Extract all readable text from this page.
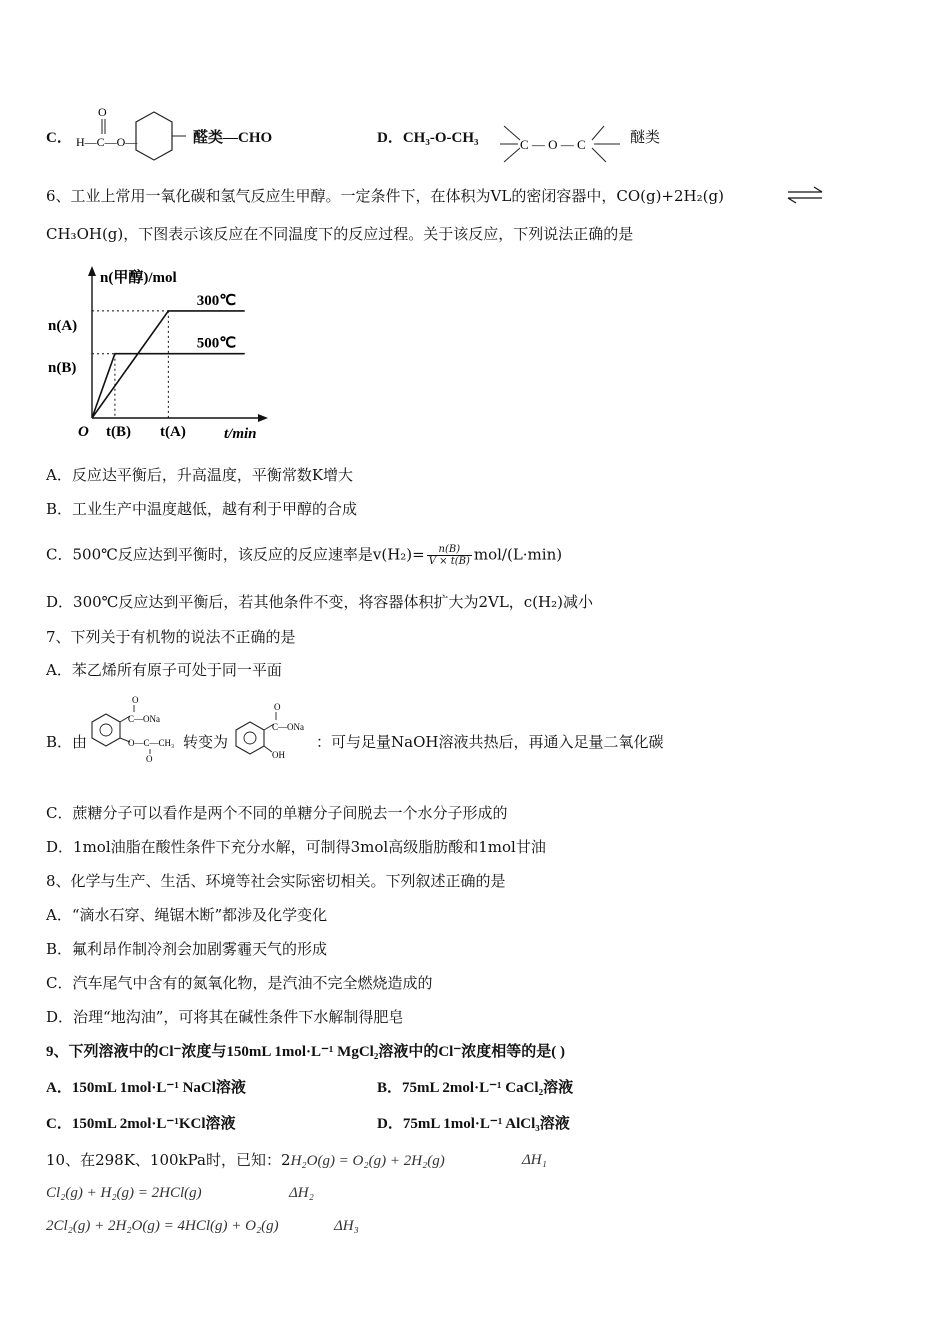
C． H—C—O—
O
醛类—CHO	D．CH₃-O-CH₃	C — O — C	醚类
6、工业上常用一氧化碳和氢气反应生甲醇。一定条件下，在体积为VL的密闭容器中，CO(g)+2H₂(g)
CH₃OH(g)，下图表示该反应在不同温度下的反应过程。关于该反应，下列说法正确的是
n(甲醇)/mol
t/min
O
n(A)
n(B)
t(B) t(A)
300℃
500℃
A．反应达平衡后，升高温度，平衡常数K增大
B．工业生产中温度越低，越有利于甲醇的合成
C．500℃反应达到平衡时，该反应的反应速率是$v(H_2)= \frac{n(B)}{V \times t(B)} mol/(L\cdot\min)$
D．300℃反应达到平衡后，若其他条件不变，将容器体积扩大为2VL，c(H₂)减小
7、下列关于有机物的说法不正确的是
A．苯乙烯所有原子可处于同一平面
B．由
O
C—ONa
O—C—CH₃
O
转变为
O
C—ONa
OH
：可与足量NaOH溶液共热后，再通入足量二氧化碳
C．蔗糖分子可以看作是两个不同的单糖分子间脱去一个水分子形成的
D．1mol油脂在酸性条件下充分水解，可制得3mol高级脂肪酸和1mol甘油
8、化学与生产、生活、环境等社会实际密切相关。下列叙述正确的是
A．“滴水石穿、绳锯木断”都涉及化学变化
B．氟利昂作制冷剂会加剧雾霾天气的形成
C．汽车尾气中含有的氮氧化物，是汽油不完全燃烧造成的
D．治理“地沟油”，可将其在碱性条件下水解制得肥皂
9、下列溶液中的Cl⁻浓度与150mL 1mol·L⁻¹ MgCl₂溶液中的Cl⁻浓度相等的是( )
A．150mL 1mol·L⁻¹ NaCl溶液	B．75mL 2mol·L⁻¹ CaCl₂溶液
C．150mL 2mol·L⁻¹KCl溶液	D．75mL 1mol·L⁻¹ AlCl₃溶液
10、在298K、100kPa时，已知：2H₂O(g) = O₂(g) + 2H₂(g)	ΔH₁
Cl₂(g) + H₂(g) = 2HCl(g)	ΔH₂
2Cl₂(g) + 2H₂O(g) = 4HCl(g) + O₂(g)	ΔH₃
